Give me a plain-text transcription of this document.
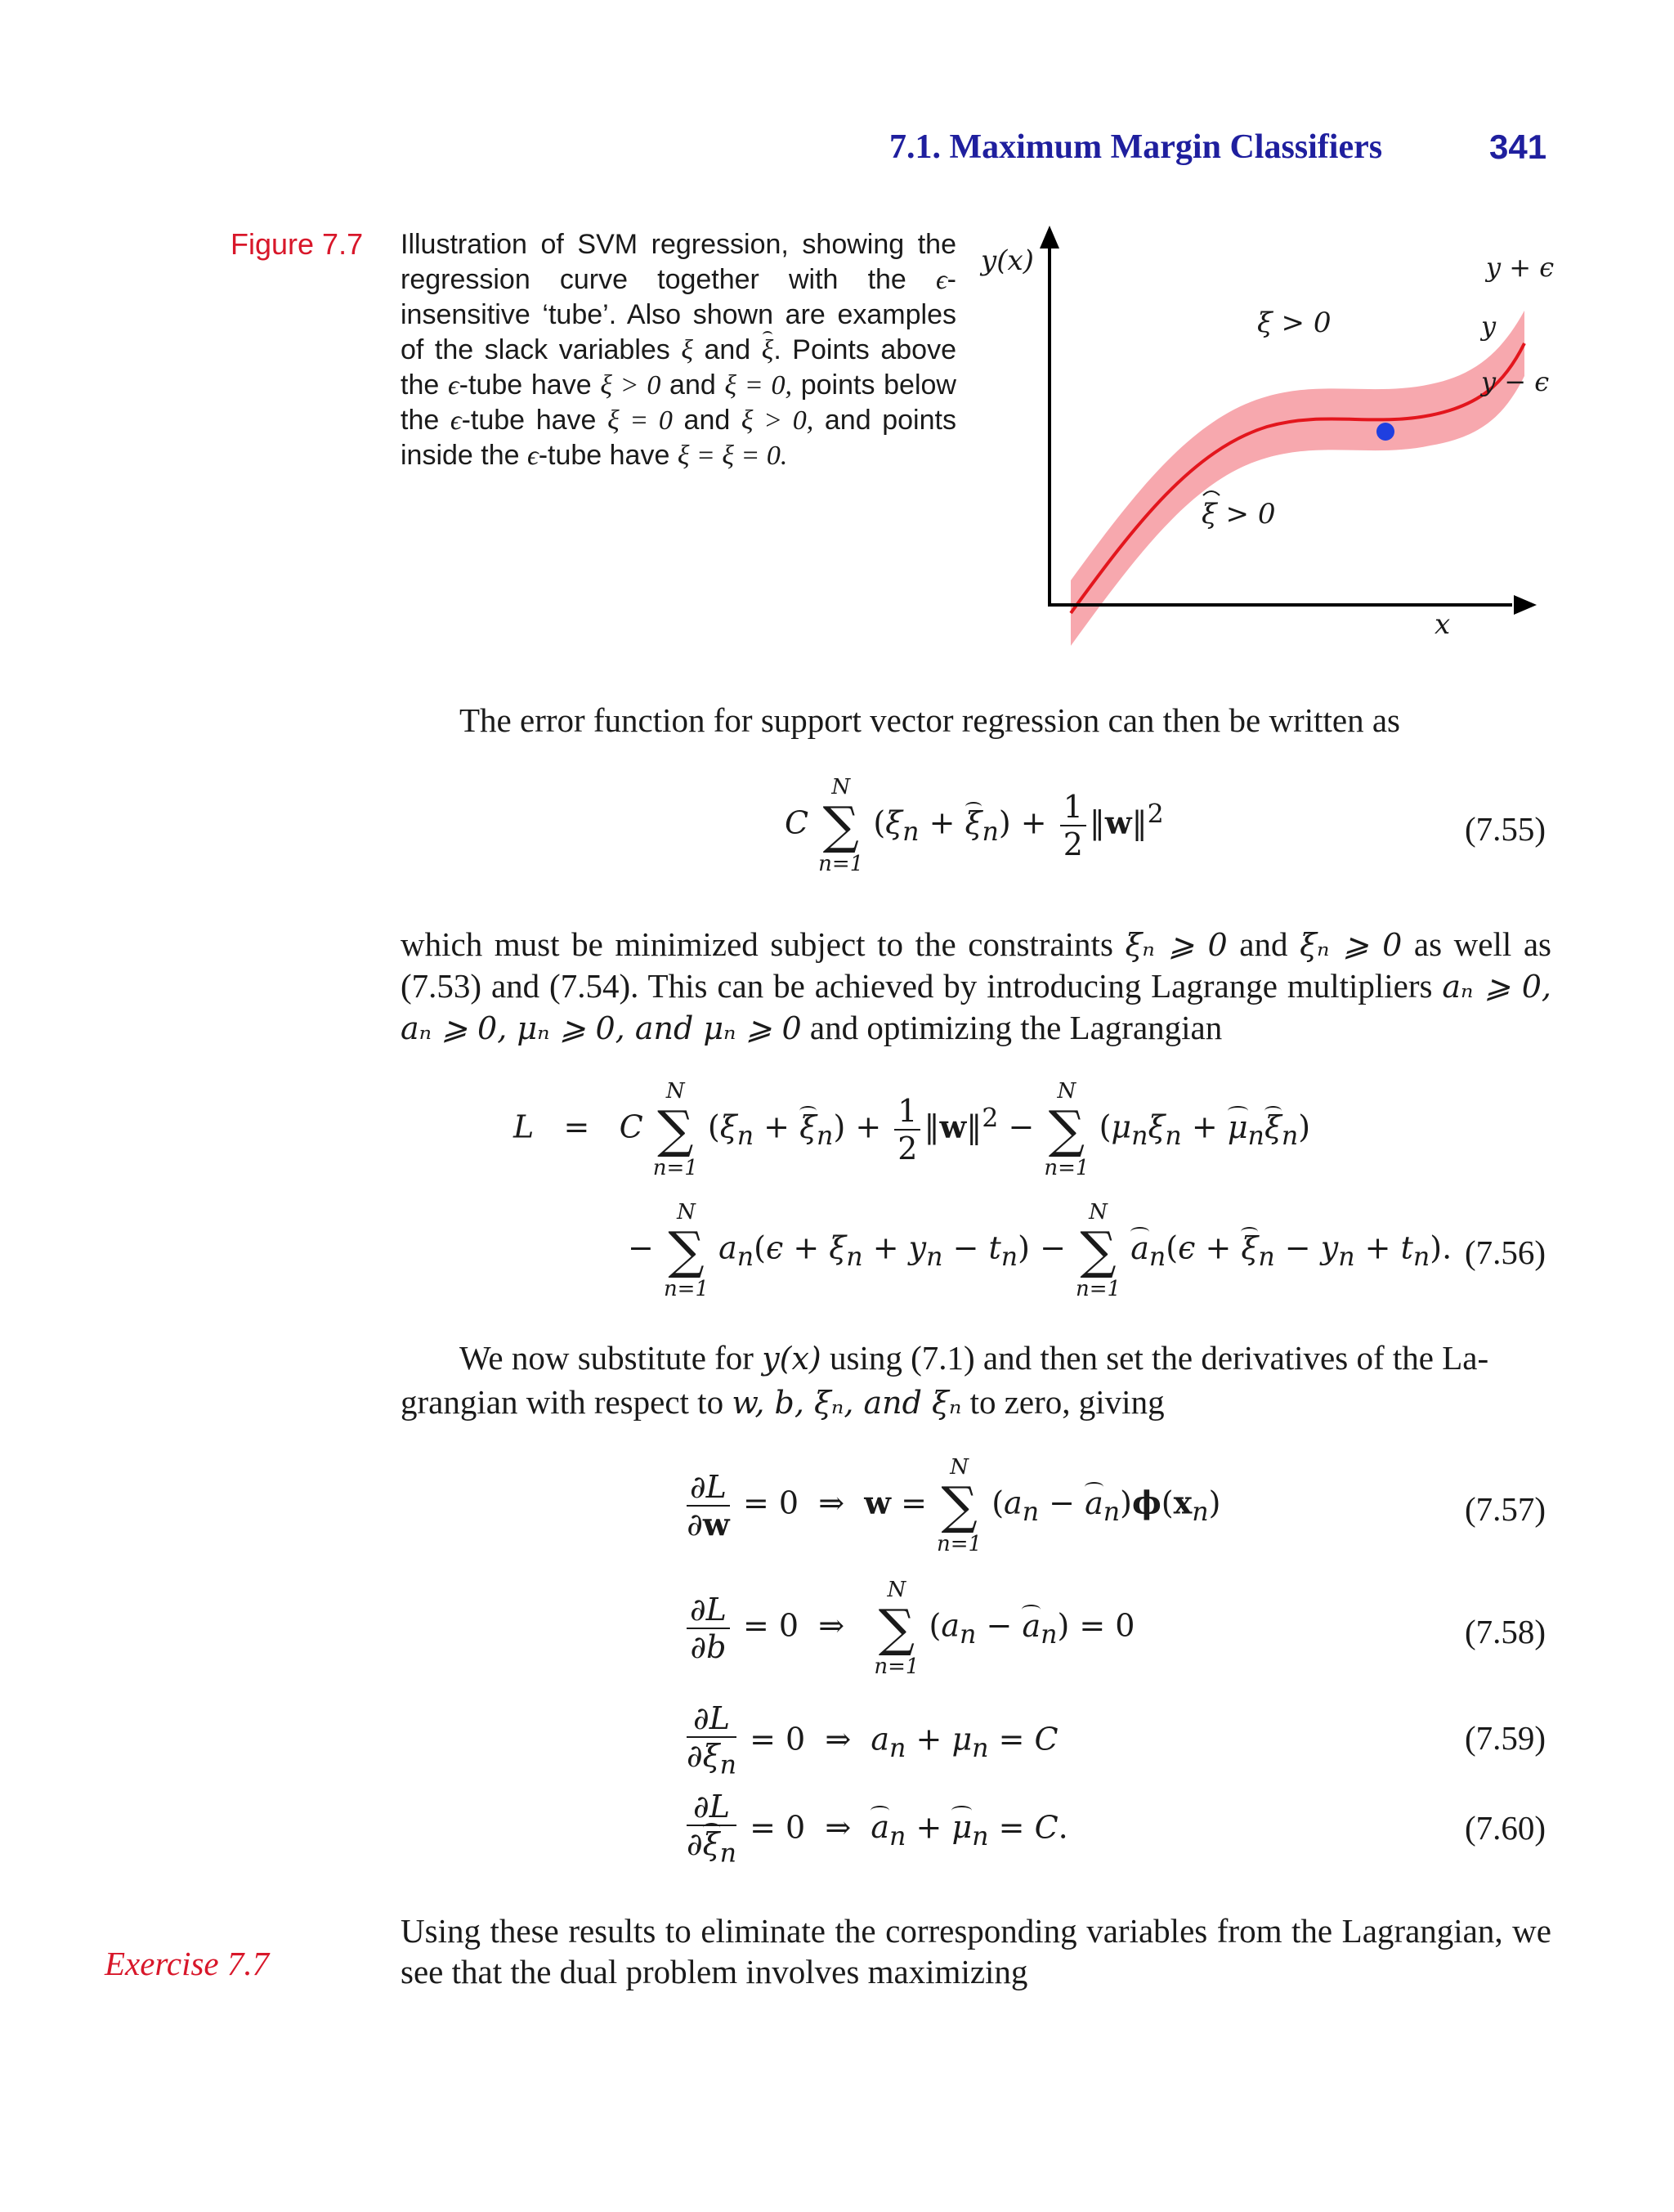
7.1. Maximum Margin Classifiers	341
Figure 7.7 Illustration of SVM regression, showing the regression curve together with the ϵ-insensitive ‘tube’. Also shown are examples of the slack variables ξ and ξ. Points above the ϵ-tube have ξ > 0 and ξ = 0, points below the ϵ-tube have ξ = 0 and ξ > 0, and points inside the ϵ-tube have ξ = ξ = 0.
y(x)
x
y + ϵ
y
y − ϵ
ξ > 0
ξ > 0
The error function for support vector regression can then be written as
C
N
∑
n=1
$(\xi_n + \xi_n) + \frac{1}{2}$ ‖w‖$^2$	(7.55)
which must be minimized subject to the constraints ξₙ ⩾ 0 and ξₙ ⩾ 0 as well as (7.53) and (7.54). This can be achieved by introducing Lagrange multipliers aₙ ⩾ 0, aₙ ⩾ 0, μₙ ⩾ 0, and μₙ ⩾ 0 and optimizing the Lagrangian
L = C
N
∑
n=1
$(\xi_n + \xi_n) + \frac{1}{2}$ ‖w‖$^2$ −
N
∑
n=1
$(\mu_n\xi_n + \mu_n\xi_n)$
−
N
∑
n=1
$a_n(\epsilon + \xi_n + y_n - t_n)$ −
N
∑
n=1
$a_n(\epsilon + \xi_n - y_n + t_n)$. (7.56)
We now substitute for y(x) using (7.1) and then set the derivatives of the La-
grangian with respect to w, b, ξₙ, and ξₙ to zero, giving
$\frac{\partial L}{\partial w} = 0$ ⇒ w =
N
∑
n=1
$(a_n - a_n)\phi(x_n)$	(7.57)
$\frac{\partial L}{\partial b} = 0$ ⇒
N
∑
n=1
$(a_n - a_n) = 0$	(7.58)
$\frac{\partial L}{\partial\xi_n} = 0$ ⇒  $a_n + \mu_n = C$	(7.59)
$\frac{\partial L}{\partial\xi_n} = 0$ ⇒ $a_n + \mu_n = C$.	(7.60)
Using these results to eliminate the corresponding variables from the Lagrangian, we see that the dual problem involves maximizing
Exercise 7.7
